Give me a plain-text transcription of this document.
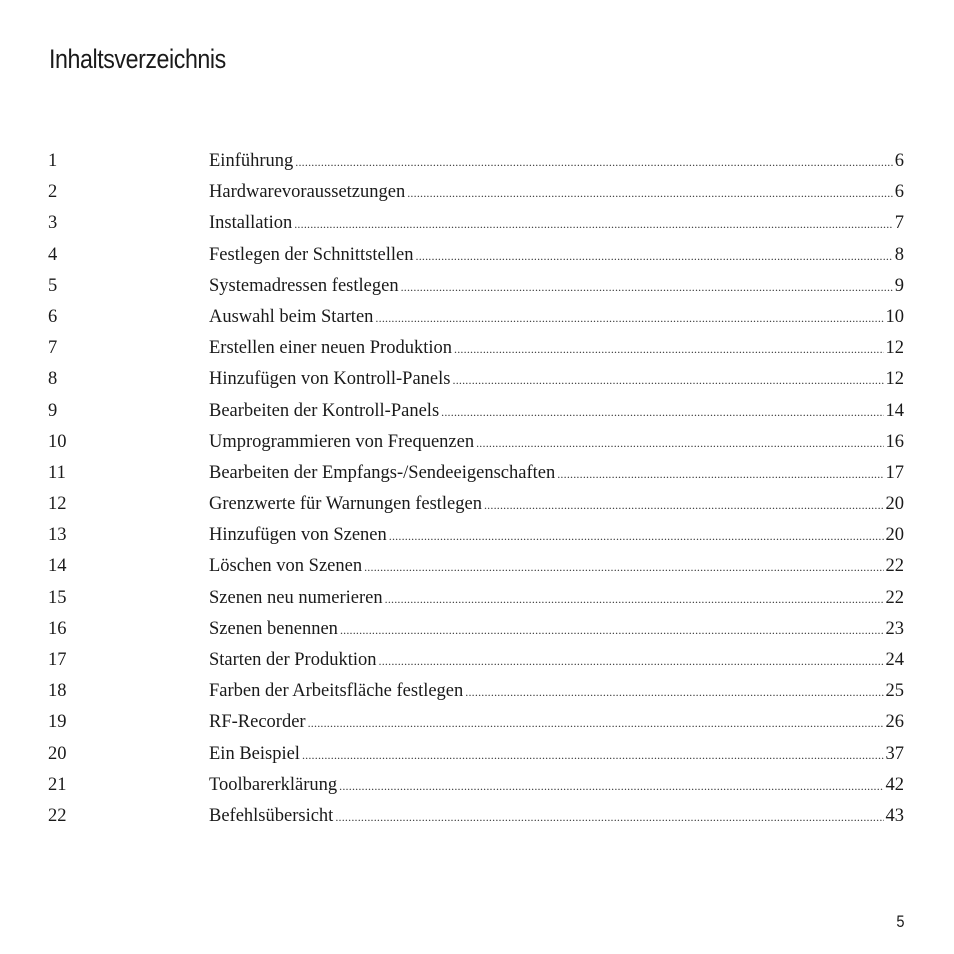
Inhaltsverzeichnis
1	Einführung .....	6
2	Hardwarevoraussetzungen .....	6
3	Installation .....	7
4	Festlegen der Schnittstellen .....	8
5	Systemadressen festlegen .....	9
6	Auswahl beim Starten .....	10
7	Erstellen einer neuen Produktion .....	12
8	Hinzufügen von Kontroll-Panels .....	12
9	Bearbeiten der Kontroll-Panels .....	14
10	Umprogrammieren von Frequenzen .....	16
11	Bearbeiten der Empfangs-/Sendeeigenschaften .....	17
12	Grenzwerte für Warnungen festlegen .....	20
13	Hinzufügen von Szenen .....	20
14	Löschen von Szenen .....	22
15	Szenen neu numerieren .....	22
16	Szenen benennen .....	23
17	Starten der Produktion .....	24
18	Farben der Arbeitsfläche festlegen .....	25
19	RF-Recorder .....	26
20	Ein Beispiel .....	37
21	Toolbarerklärung .....	42
22	Befehlsübersicht .....	43
5
